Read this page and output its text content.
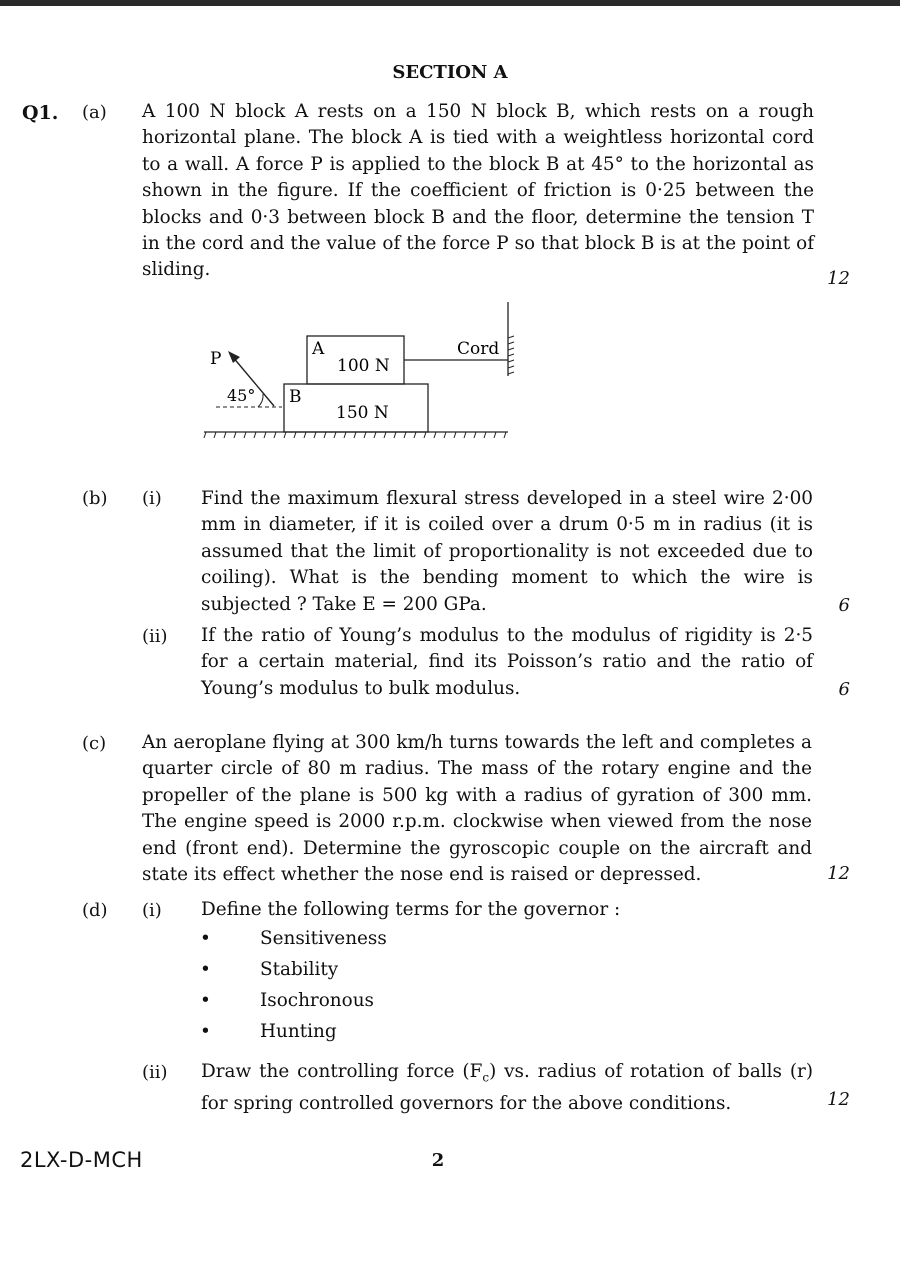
SECTION A
Q1. (a) A 100 N block A rests on a 150 N block B, which rests on a rough horizontal plane. The block A is tied with a weightless horizontal cord to a wall. A force P is applied to the block B at 45° to the horizontal as shown in the figure. If the coefficient of friction is 0·25 between the blocks and 0·3 between block B and the floor, determine the tension T in the cord and the value of the force P so that block B is at the point of sliding.	12
B
150 N
A
100 N
Cord
P
45°
(b) (i) Find the maximum flexural stress developed in a steel wire 2·00 mm in diameter, if it is coiled over a drum 0·5 m in radius (it is assumed that the limit of proportionality is not exceeded due to coiling). What is the bending moment to which the wire is subjected ? Take E = 200 GPa.	6
(ii) If the ratio of Young’s modulus to the modulus of rigidity is 2·5 for a certain material, find its Poisson’s ratio and the ratio of Young’s modulus to bulk modulus.	6
(c) An aeroplane flying at 300 km/h turns towards the left and completes a quarter circle of 80 m radius. The mass of the rotary engine and the propeller of the plane is 500 kg with a radius of gyration of 300 mm. The engine speed is 2000 r.p.m. clockwise when viewed from the nose end (front end). Determine the gyroscopic couple on the aircraft and state its effect whether the nose end is raised or depressed.	12
(d) (i) Define the following terms for the governor :

•	Sensitiveness
•	Stability
•	Isochronous
•	Hunting
(ii) Draw the controlling force $(F_c)$ vs. radius of rotation of balls (r) for spring controlled governors for the above conditions.	12
2LX-D-MCH	2
